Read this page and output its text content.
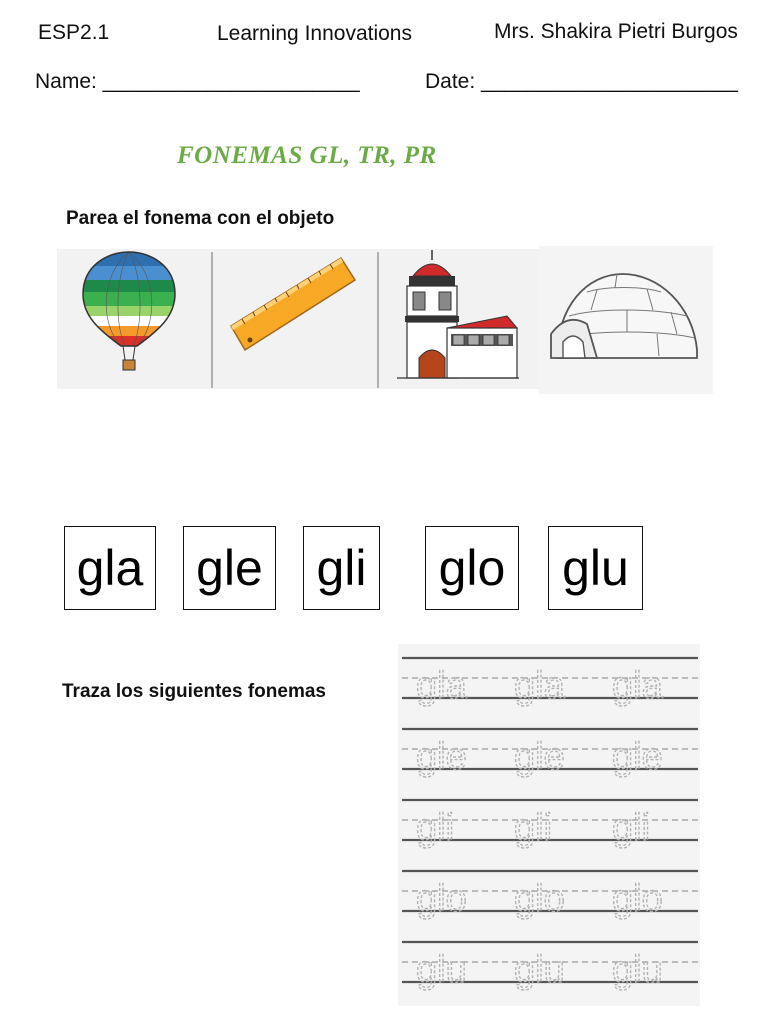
ESP2.1	Learning Innovations	Mrs. Shakira Pietri Burgos
Name: ______________________	Date: ______________________
FONEMAS GL, TR, PR
Parea el fonema con el objeto
gla gle gli glo glu
Traza los siguientes fonemas gla gla gla
gle gle gle
gli gli gli
glo glo glo
glu glu glu
